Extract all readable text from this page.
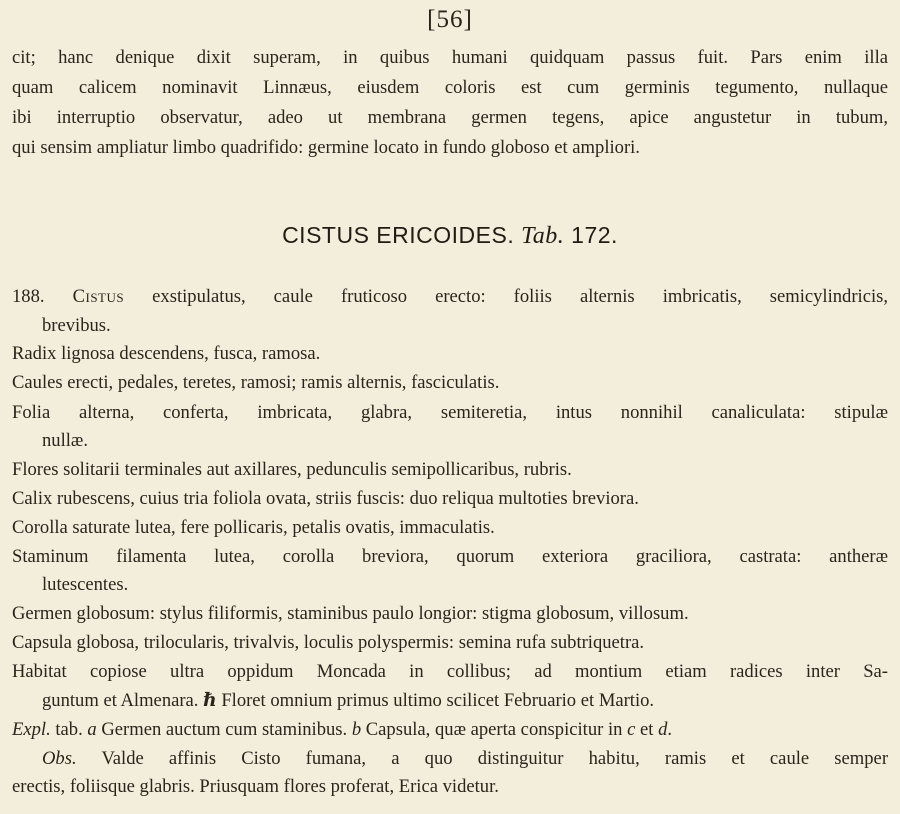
[56]
cit; hanc denique dixit superam, in quibus humani quidquam passus fuit. Pars enim illa
quam calicem nominavit Linnæus, eiusdem coloris est cum germinis tegumento, nullaque
ibi interruptio observatur, adeo ut membrana germen tegens, apice angustetur in tubum,
qui sensim ampliatur limbo quadrifido: germine locato in fundo globoso et ampliori.
CISTUS ERICOIDES. Tab. 172.
188. Cistus exstipulatus, caule fruticoso erecto: foliis alternis imbricatis, semicylindricis,
brevibus.
Radix lignosa descendens, fusca, ramosa.
Caules erecti, pedales, teretes, ramosi; ramis alternis, fasciculatis.
Folia alterna, conferta, imbricata, glabra, semiteretia, intus nonnihil canaliculata: stipulæ
nullæ.
Flores solitarii terminales aut axillares, pedunculis semipollicaribus, rubris.
Calix rubescens, cuius tria foliola ovata, striis fuscis: duo reliqua multoties breviora.
Corolla saturate lutea, fere pollicaris, petalis ovatis, immaculatis.
Staminum filamenta lutea, corolla breviora, quorum exteriora graciliora, castrata: antheræ
lutescentes.
Germen globosum: stylus filiformis, staminibus paulo longior: stigma globosum, villosum.
Capsula globosa, trilocularis, trivalvis, loculis polyspermis: semina rufa subtriquetra.
Habitat copiose ultra oppidum Moncada in collibus; ad montium etiam radices inter Sa-
guntum et Almenara. ℏ Floret omnium primus ultimo scilicet Februario et Martio.
Expl. tab. a Germen auctum cum staminibus. b Capsula, quæ aperta conspicitur in c et d.
Obs. Valde affinis Cisto fumana, a quo distinguitur habitu, ramis et caule semper
erectis, foliisque glabris. Priusquam flores proferat, Erica videtur.
